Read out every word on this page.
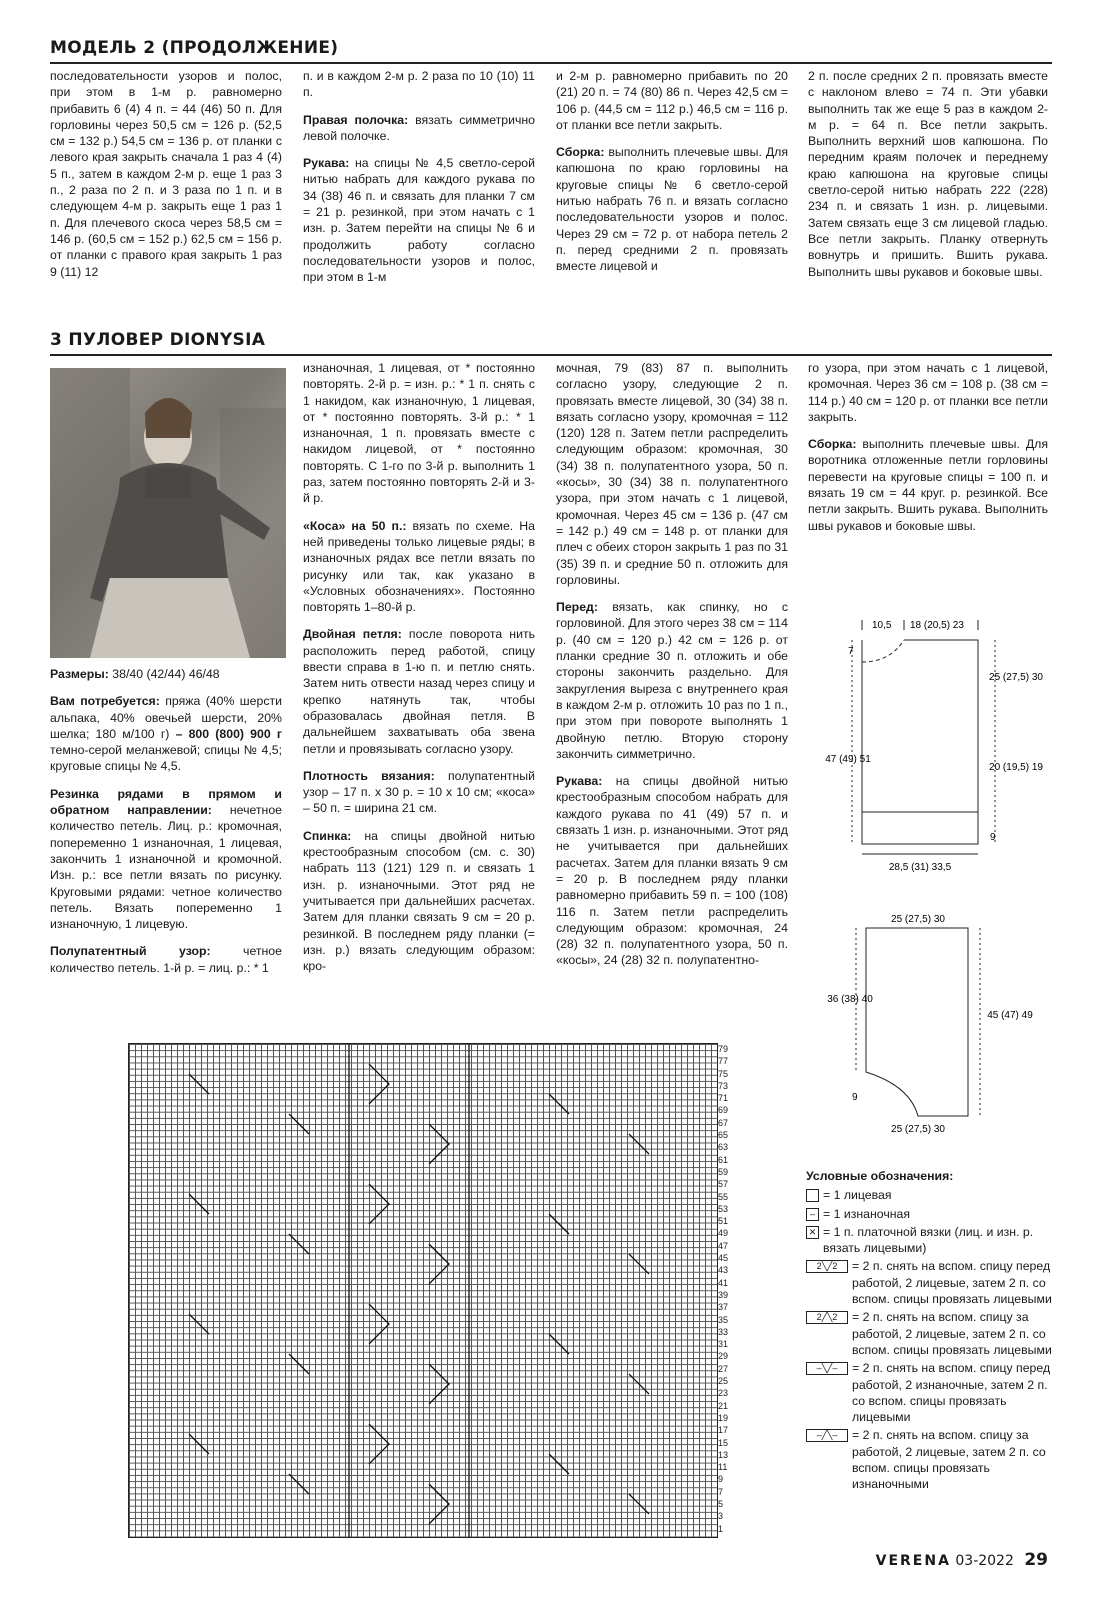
МОДЕЛЬ 2 (ПРОДОЛЖЕНИЕ)

последовательности узоров и полос, при этом в 1-м р. равномерно прибавить 6 (4) 4 п. = 44 (46) 50 п. Для горловины через 50,5 см = 126 р. (52,5 см = 132 р.) 54,5 см = 136 р. от планки с левого края закрыть сначала 1 раз 4 (4) 5 п., затем в каждом 2-м р. еще 1 раз 3 п., 2 раза по 2 п. и 3 раза по 1 п. и в следующем 4-м р. закрыть еще 1 раз 1 п. Для плечевого скоса через 58,5 см = 146 р. (60,5 см = 152 р.) 62,5 см = 156 р. от планки с правого края закрыть 1 раз 9 (11) 12

п. и в каждом 2-м р. 2 раза по 10 (10) 11 п.

Правая полочка: вязать симметрично левой полочке.

Рукава: на спицы № 4,5 светло-серой нитью набрать для каждого рукава по 34 (38) 46 п. и связать для планки 7 см = 21 р. резинкой, при этом начать с 1 изн. р. Затем перейти на спицы № 6 и продолжить работу согласно последовательности узоров и полос, при этом в 1-м

и 2-м р. равномерно прибавить по 20 (21) 20 п. = 74 (80) 86 п. Через 42,5 см = 106 р. (44,5 см = 112 р.) 46,5 см = 116 р. от планки все петли закрыть.

Сборка: выполнить плечевые швы. Для капюшона по краю горловины на круговые спицы № 6 светло-серой нитью набрать 76 п. и вязать согласно последовательности узоров и полос. Через 29 см = 72 р. от набора петель 2 п. перед средними 2 п. провязать вместе лицевой и

2 п. после средних 2 п. провязать вместе с наклоном влево = 74 п. Эти убавки выполнить так же еще 5 раз в каждом 2-м р. = 64 п. Все петли закрыть. Выполнить верхний шов капюшона. По передним краям полочек и переднему краю капюшона на круговые спицы светло-серой нитью набрать 222 (228) 234 п. и связать 1 изн. р. лицевыми. Затем связать еще 3 см лицевой гладью. Все петли закрыть. Планку отвернуть вовнутрь и пришить. Вшить рукава. Выполнить швы рукавов и боковые швы.

3 ПУЛОВЕР DIONYSIA

Размеры: 38/40 (42/44) 46/48

Вам потребуется: пряжа (40% шерсти альпака, 40% овечьей шерсти, 20% шелка; 180 м/100 г) – 800 (800) 900 г темно-серой меланжевой; спицы № 4,5; круговые спицы № 4,5.

Резинка рядами в прямом и обратном направлении: нечетное количество петель. Лиц. р.: кромочная, попеременно 1 изнаночная, 1 лицевая, закончить 1 изнаночной и кромочной. Изн. р.: все петли вязать по рисунку. Круговыми рядами: четное количество петель. Вязать попеременно 1 изнаночную, 1 лицевую.

Полупатентный узор: четное количество петель. 1-й р. = лиц. р.: * 1

изнаночная, 1 лицевая, от * постоянно повторять. 2-й р. = изн. р.: * 1 п. снять с 1 накидом, как изнаночную, 1 лицевая, от * постоянно повторять. 3-й р.: * 1 изнаночная, 1 п. провязать вместе с накидом лицевой, от * постоянно повторять. С 1-го по 3-й р. выполнить 1 раз, затем постоянно повторять 2-й и 3-й р.

«Коса» на 50 п.: вязать по схеме. На ней приведены только лицевые ряды; в изнаночных рядах все петли вязать по рисунку или так, как указано в «Условных обозначениях». Постоянно повторять 1–80-й р.

Двойная петля: после поворота нить расположить перед работой, спицу ввести справа в 1-ю п. и петлю снять. Затем нить отвести назад через спицу и крепко натянуть так, чтобы образовалась двойная петля. В дальнейшем захватывать оба звена петли и провязывать согласно узору.

Плотность вязания: полупатентный узор – 17 п. х 30 р. = 10 х 10 см; «коса» – 50 п. = ширина 21 см.

Спинка: на спицы двойной нитью крестообразным способом (см. с. 30) набрать 113 (121) 129 п. и связать 1 изн. р. изнаночными. Этот ряд не учитывается при дальнейших расчетах. Затем для планки связать 9 см = 20 р. резинкой. В последнем ряду планки (= изн. р.) вязать следующим образом: кро-

мочная, 79 (83) 87 п. выполнить согласно узору, следующие 2 п. провязать вместе лицевой, 30 (34) 38 п. вязать согласно узору, кромочная = 112 (120) 128 п. Затем петли распределить следующим образом: кромочная, 30 (34) 38 п. полупатентного узора, 50 п. «косы», 30 (34) 38 п. полупатентного узора, при этом начать с 1 лицевой, кромочная. Через 45 см = 136 р. (47 см = 142 р.) 49 см = 148 р. от планки для плеч с обеих сторон закрыть 1 раз по 31 (35) 39 п. и средние 50 п. отложить для горловины.

Перед: вязать, как спинку, но с горловиной. Для этого через 38 см = 114 р. (40 см = 120 р.) 42 см = 126 р. от планки средние 30 п. отложить и обе стороны закончить раздельно. Для закругления выреза с внутреннего края в каждом 2-м р. отложить 10 раз по 1 п., при этом при повороте выполнять 1 двойную петлю. Вторую сторону закончить симметрично.

Рукава: на спицы двойной нитью крестообразным способом набрать для каждого рукава по 41 (49) 57 п. и связать 1 изн. р. изнаночными. Этот ряд не учитывается при дальнейших расчетах. Затем для планки вязать 9 см = 20 р. В последнем ряду планки равномерно прибавить 59 п. = 100 (108) 116 п. Затем петли распределить следующим образом: кромочная, 24 (28) 32 п. полупатентного узора, 50 п. «косы», 24 (28) 32 п. полупатентно-

го узора, при этом начать с 1 лицевой, кромочная. Через 36 см = 108 р. (38 см = 114 р.) 40 см = 120 р. от планки все петли закрыть.

Сборка: выполнить плечевые швы. Для воротника отложенные петли горловины перевести на круговые спицы = 100 п. и вязать 19 см = 44 круг. р. резинкой. Все петли закрыть. Вшить рукава. Выполнить швы рукавов и боковые швы.

10,5 18 (20,5) 23
7
25 (27,5) 30
47 (49) 51
20 (19,5) 19
9
28,5 (31) 33,5
25 (27,5) 30
36 (38) 40
45 (47) 49
9
25 (27,5) 30
79
77
75
73
71
69
67
65
63
61
59
57
55
53
51
49
47
45
43
41
39
37
35
33
31
29
27
25
23
21
19
17
15
13
11
9
7
5
3
1
Условные обозначения:
= 1 лицевая
– = 1 изнаночная
✕ = 1 п. платочной вязки (лиц. и изн. р. вязать лицевыми)
2╲╱2	= 2 п. снять на вспом. спицу перед работой, 2 лицевые, затем 2 п. со вспом. спицы провязать лицевыми
2╱╲2	= 2 п. снять на вспом. спицу за работой, 2 лицевые, затем 2 п. со вспом. спицы провязать лицевыми
–╲╱–	= 2 п. снять на вспом. спицу перед работой, 2 изнаночные, затем 2 п. со вспом. спицы провязать лицевыми
–╱╲–	= 2 п. снять на вспом. спицу за работой, 2 лицевые, затем 2 п. со вспом. спицы провязать изнаночными
VERENA 03-2022 29
